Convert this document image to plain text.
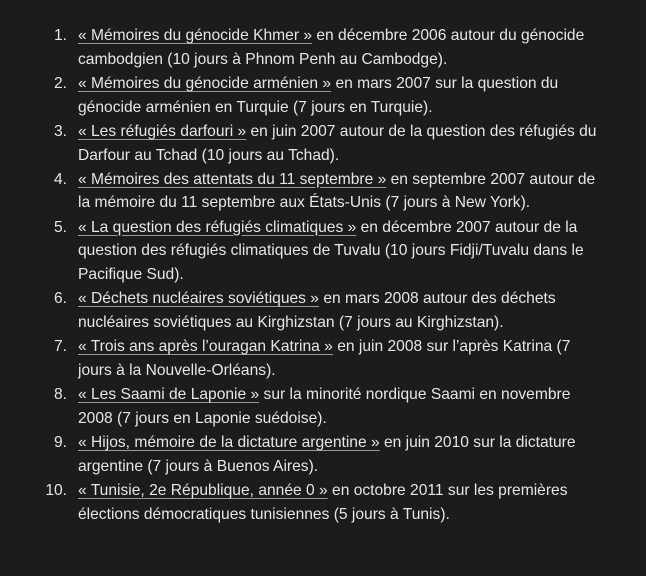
1. « Mémoires du génocide Khmer » en décembre 2006 autour du génocide cambodgien (10 jours à Phnom Penh au Cambodge).
2. « Mémoires du génocide arménien » en mars 2007 sur la question du génocide arménien en Turquie (7 jours en Turquie).
3. « Les réfugiés darfouri » en juin 2007 autour de la question des réfugiés du Darfour au Tchad (10 jours au Tchad).
4. « Mémoires des attentats du 11 septembre » en septembre 2007 autour de la mémoire du 11 septembre aux États-Unis (7 jours à New York).
5. « La question des réfugiés climatiques » en décembre 2007 autour de la question des réfugiés climatiques de Tuvalu (10 jours Fidji/Tuvalu dans le Pacifique Sud).
6. « Déchets nucléaires soviétiques » en mars 2008 autour des déchets nucléaires soviétiques au Kirghizstan (7 jours au Kirghizstan).
7. « Trois ans après l’ouragan Katrina » en juin 2008 sur l’après Katrina (7 jours à la Nouvelle-Orléans).
8. « Les Saami de Laponie » sur la minorité nordique Saami en novembre 2008 (7 jours en Laponie suédoise).
9. « Hijos, mémoire de la dictature argentine » en juin 2010 sur la dictature argentine (7 jours à Buenos Aires).
10. « Tunisie, 2e République, année 0 » en octobre 2011 sur les premières élections démocratiques tunisiennes (5 jours à Tunis).
